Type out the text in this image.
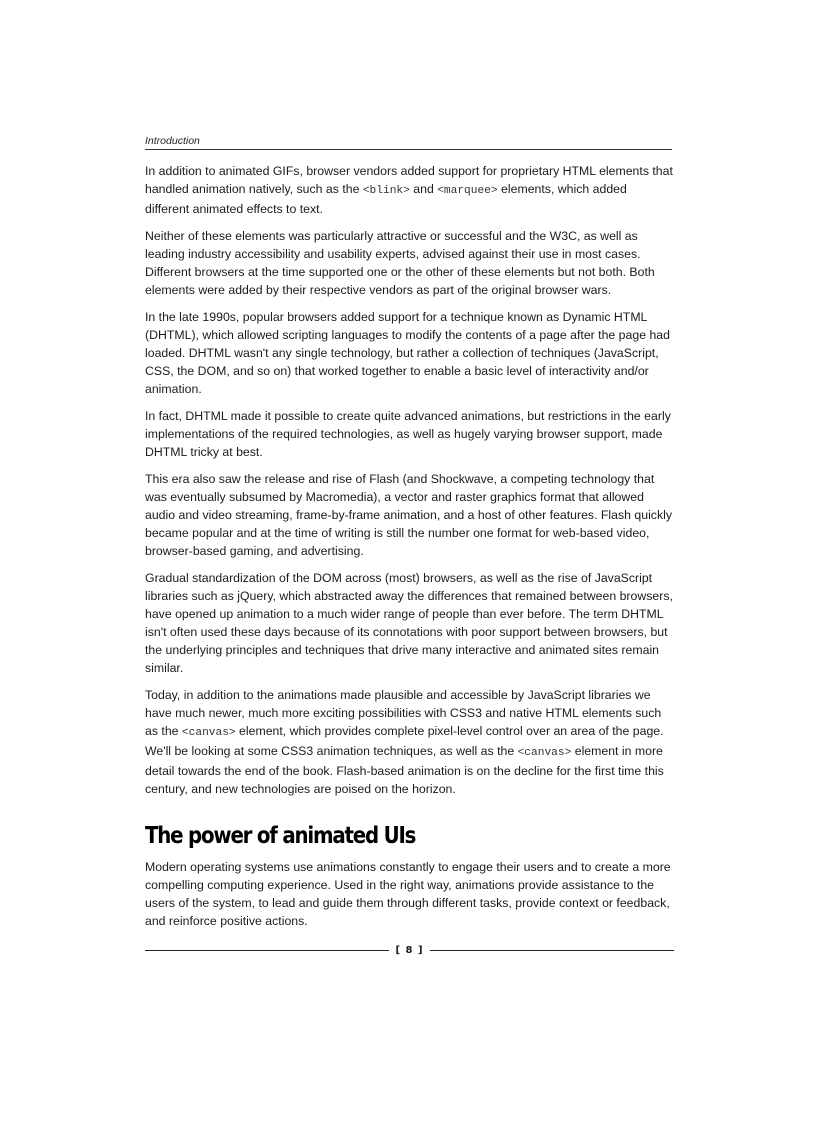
Introduction

In addition to animated GIFs, browser vendors added support for proprietary HTML elements that handled animation natively, such as the <blink> and <marquee> elements, which added different animated effects to text.

Neither of these elements was particularly attractive or successful and the W3C, as well as leading industry accessibility and usability experts, advised against their use in most cases. Different browsers at the time supported one or the other of these elements but not both. Both elements were added by their respective vendors as part of the original browser wars.

In the late 1990s, popular browsers added support for a technique known as Dynamic HTML (DHTML), which allowed scripting languages to modify the contents of a page after the page had loaded. DHTML wasn't any single technology, but rather a collection of techniques (JavaScript, CSS, the DOM, and so on) that worked together to enable a basic level of interactivity and/or animation.

In fact, DHTML made it possible to create quite advanced animations, but restrictions in the early implementations of the required technologies, as well as hugely varying browser support, made DHTML tricky at best.

This era also saw the release and rise of Flash (and Shockwave, a competing technology that was eventually subsumed by Macromedia), a vector and raster graphics format that allowed audio and video streaming, frame-by-frame animation, and a host of other features. Flash quickly became popular and at the time of writing is still the number one format for web-based video, browser-based gaming, and advertising.

Gradual standardization of the DOM across (most) browsers, as well as the rise of JavaScript libraries such as jQuery, which abstracted away the differences that remained between browsers, have opened up animation to a much wider range of people than ever before. The term DHTML isn't often used these days because of its connotations with poor support between browsers, but the underlying principles and techniques that drive many interactive and animated sites remain similar.

Today, in addition to the animations made plausible and accessible by JavaScript libraries we have much newer, much more exciting possibilities with CSS3 and native HTML elements such as the <canvas> element, which provides complete pixel-level control over an area of the page. We'll be looking at some CSS3 animation techniques, as well as the <canvas> element in more detail towards the end of the book. Flash-based animation is on the decline for the first time this century, and new technologies are poised on the horizon.

The power of animated UIs

Modern operating systems use animations constantly to engage their users and to create a more compelling computing experience. Used in the right way, animations provide assistance to the users of the system, to lead and guide them through different tasks, provide context or feedback, and reinforce positive actions.

[ 8 ]
